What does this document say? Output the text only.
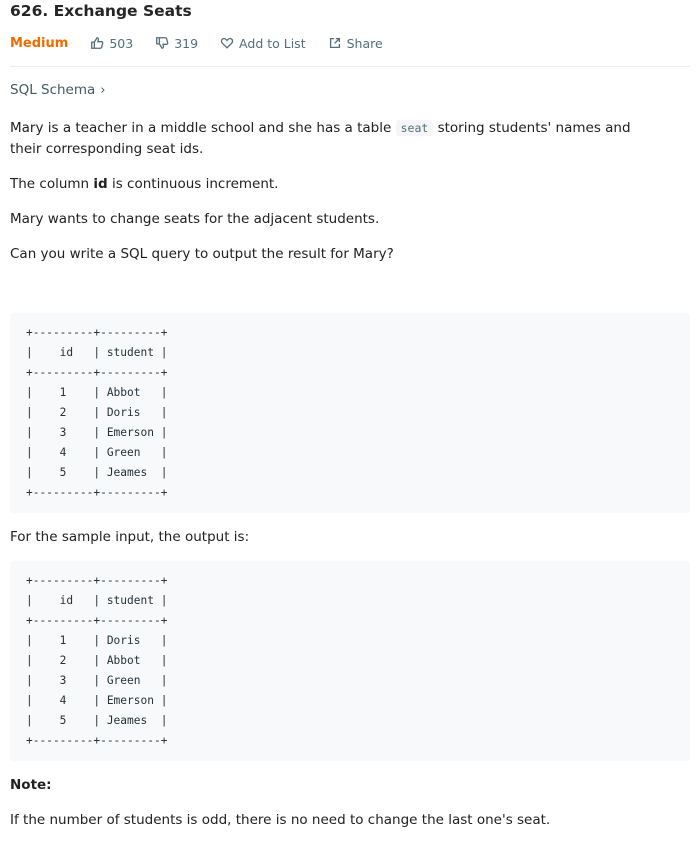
626. Exchange Seats
Medium	503	319	Add to List	Share
SQL Schema ›

Mary is a teacher in a middle school and she has a table seat storing students' names and their corresponding seat ids.

The column id is continuous increment.

Mary wants to change seats for the adjacent students.

Can you write a SQL query to output the result for Mary?

+---------+---------+
|    id   | student |
+---------+---------+
|    1    | Abbot   |
|    2    | Doris   |
|    3    | Emerson |
|    4    | Green   |
|    5    | Jeames  |
+---------+---------+

For the sample input, the output is:

+---------+---------+
|    id   | student |
+---------+---------+
|    1    | Doris   |
|    2    | Abbot   |
|    3    | Green   |
|    4    | Emerson |
|    5    | Jeames  |
+---------+---------+

Note:

If the number of students is odd, there is no need to change the last one's seat.
